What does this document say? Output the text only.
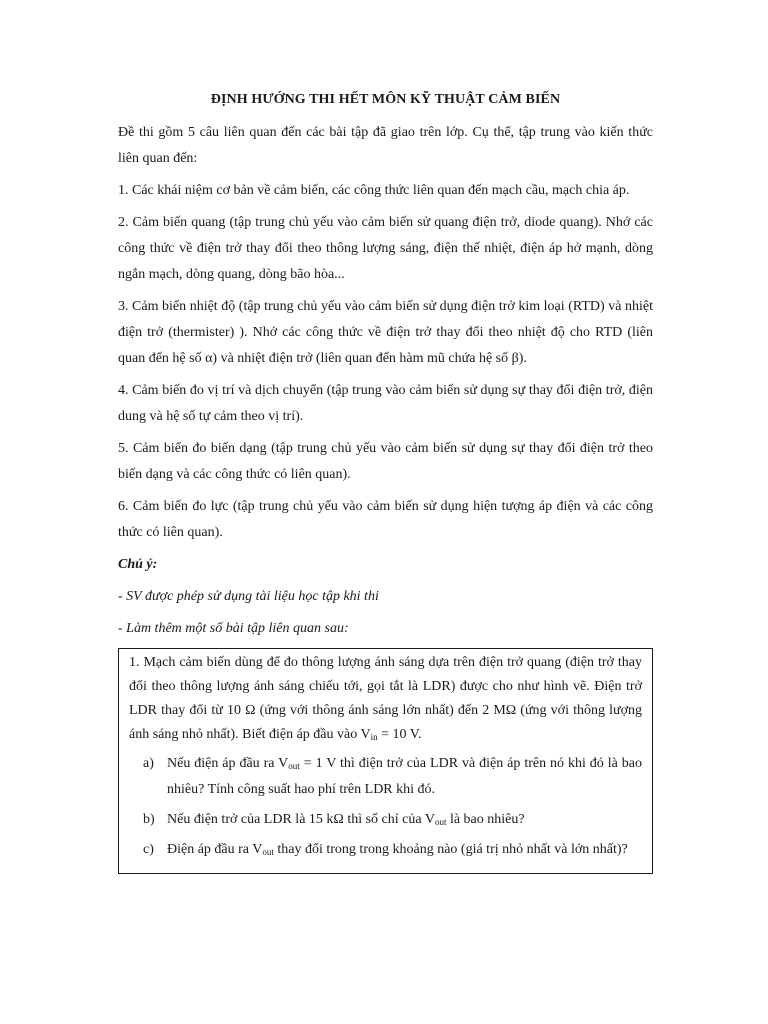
ĐỊNH HƯỚNG THI HẾT MÔN KỸ THUẬT CẢM BIẾN

Đề thi gồm 5 câu liên quan đến các bài tập đã giao trên lớp. Cụ thể, tập trung vào kiến thức liên quan đến:

1. Các khái niệm cơ bản về cảm biến, các công thức liên quan đến mạch cầu, mạch chia áp.

2. Cảm biến quang (tập trung chủ yếu vào cảm biến sử quang điện trở, diode quang). Nhớ các công thức về điện trở thay đổi theo thông lượng sáng, điện thế nhiệt, điện áp hở mạnh, dòng ngắn mạch, dòng quang, dòng bão hòa...

3. Cảm biến nhiệt độ (tập trung chủ yếu vào cảm biến sử dụng điện trở kim loại (RTD) và nhiệt điện trở (thermister) ). Nhớ các công thức về điện trở thay đổi theo nhiệt độ cho RTD (liên quan đến hệ số α) và nhiệt điện trở (liên quan đến hàm mũ chứa hệ số β).

4. Cảm biến đo vị trí và dịch chuyển (tập trung vào cảm biến sử dụng sự thay đổi điện trở, điện dung và hệ số tự cảm theo vị trí).

5. Cảm biến đo biến dạng (tập trung chủ yếu vào cảm biến sử dụng sự thay đổi điện trở theo biến dạng và các công thức có liên quan).

6. Cảm biến đo lực (tập trung chủ yếu vào cảm biến sử dụng hiện tượng áp điện và các công thức có liên quan).

Chú ý:

- SV được phép sử dụng tài liệu học tập khi thi

- Làm thêm một số bài tập liên quan sau:

1. Mạch cảm biến dùng để đo thông lượng ánh sáng dựa trên điện trở quang (điện trở thay đổi theo thông lượng ánh sáng chiếu tới, gọi tắt là LDR) được cho như hình vẽ. Điện trở LDR thay đổi từ 10 Ω (ứng với thông ánh sáng lớn nhất) đến 2 MΩ (ứng với thông lượng ánh sáng nhỏ nhất). Biết điện áp đầu vào $V_{in} = 10$ V.

a) Nếu điện áp đầu ra $V_{out} = 1$ V thì điện trở của LDR và điện áp trên nó khi đó là bao nhiêu? Tính công suất hao phí trên LDR khi đó.
b) Nếu điện trở của LDR là 15 kΩ thì số chỉ của $V_{out}$ là bao nhiêu?
c) Điện áp đầu ra $V_{out}$ thay đổi trong trong khoảng nào (giá trị nhỏ nhất và lớn nhất)?
